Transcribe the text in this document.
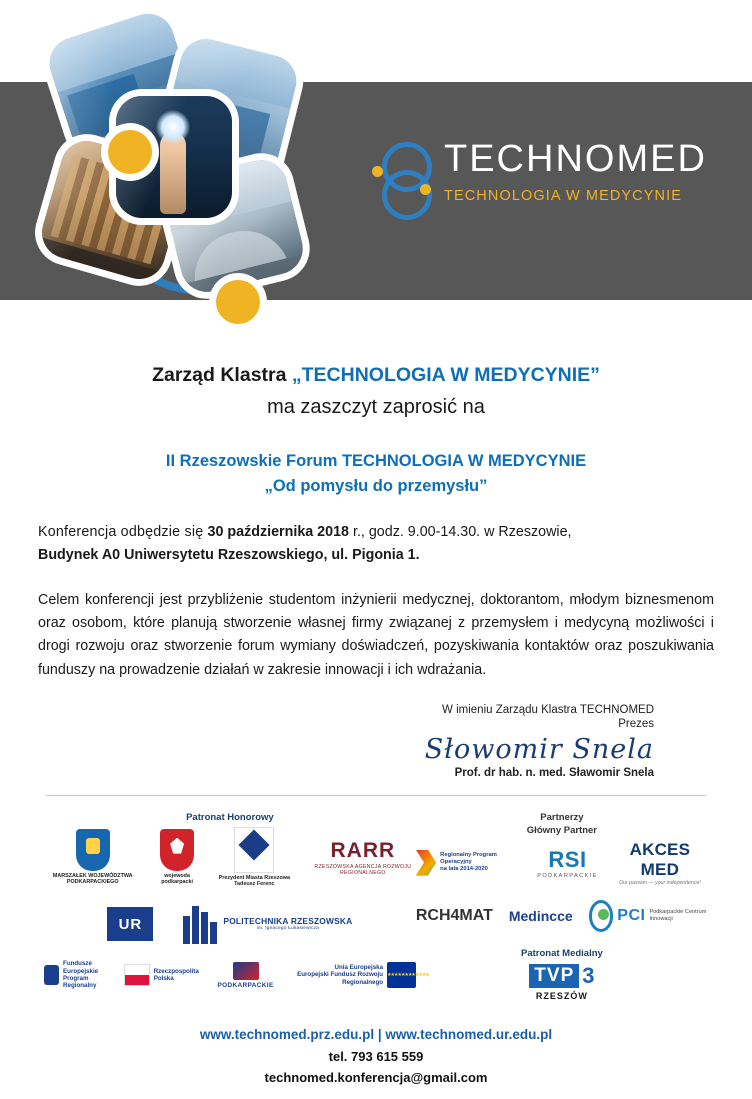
TECHNOMED
TECHNOLOGIA W MEDYCYNIE
Zarząd Klastra „TECHNOLOGIA W MEDYCYNIE”
ma zaszczyt zaprosić na
II Rzeszowskie Forum TECHNOLOGIA W MEDYCYNIE
„Od pomysłu do przemysłu”
Konferencja odbędzie się 30 października 2018 r., godz. 9.00-14.30. w Rzeszowie,
Budynek A0 Uniwersytetu Rzeszowskiego, ul. Pigonia 1.
Celem konferencji jest przybliżenie studentom inżynierii medycznej, doktorantom, młodym biznesmenom oraz osobom, które planują stworzenie własnej firmy związanej z przemysłem i medycyną możliwości i drogi rozwoju oraz stworzenie forum wymiany doświadczeń, pozyskiwania kontaktów oraz poszukiwania funduszy na prowadzenie działań w zakresie innowacji i ich wdrażania.
W imieniu Zarządu Klastra TECHNOMED
Prezes
Słowomir Snela
Prof. dr hab. n. med. Sławomir Snela
Patronat Honorowy
MARSZAŁEK WOJEWÓDZTWA PODKARPACKIEGO
wojewoda podkarpacki
Prezydent Miasta Rzeszowa Tadeusz Ferenc
RARR
RZESZOWSKA AGENCJA ROZWOJU REGIONALNEGO
UR	POLITECHNIKA RZESZOWSKA
im. Ignacego Łukasiewicza
Fundusze Europejskie
Program Regionalny
Rzeczpospolita Polska
PODKARPACKIE
Unia Europejska
Europejski Fundusz Rozwoju Regionalnego
★★★★★★★★★★★★
Partnerzy
Główny Partner
Regionalny Program Operacyjny
na lata 2014-2020	RSI
PODKARPACKIE
AKCES MED
Our passion — your independence!
RCH4MAT Medincce	PCI Podkarpackie Centrum Innowacji
Patronat Medialny
TVP 3
RZESZÓW
www.technomed.prz.edu.pl | www.technomed.ur.edu.pl
tel. 793 615 559
technomed.konferencja@gmail.com
